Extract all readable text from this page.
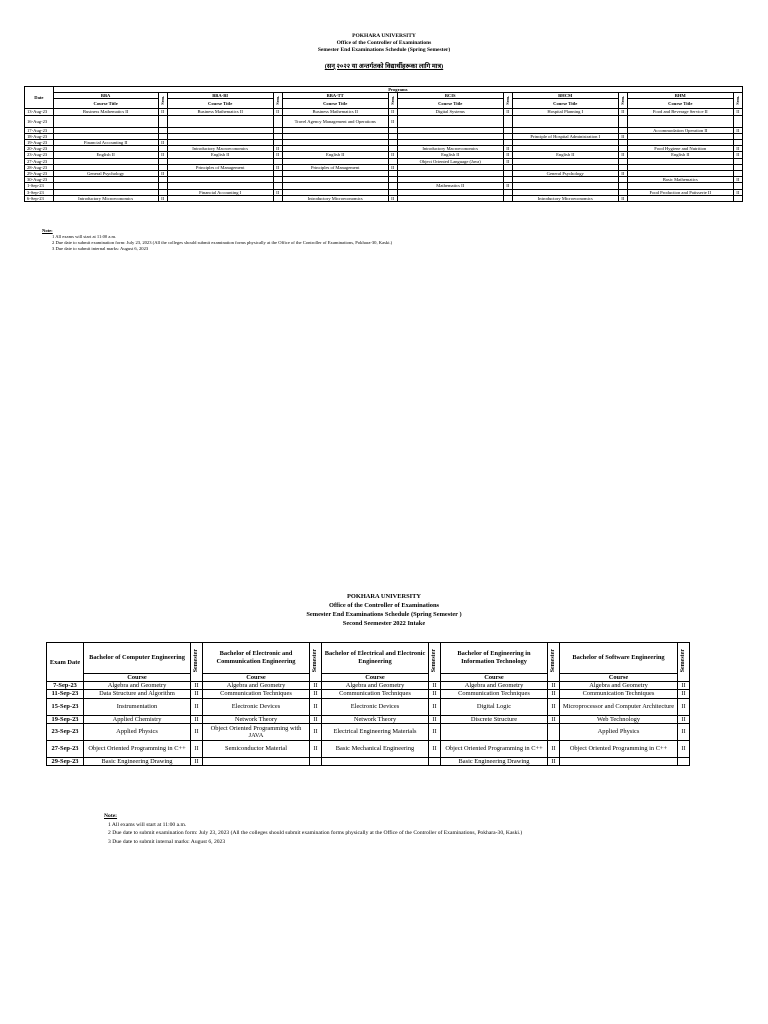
POKHARA UNIVERSITY
Office of the Controller of Examinations
Semester End Examinations Schedule (Spring Semester)
(सन् २०२२ या अन्तर्गतको विद्यार्थीहरूका लागि मात्र)
Date	Programs											
	BBA	Sem.	BBA-BI	Sem.	BBA-TT	Sem.	BCIS	Sem.	BHCM	Sem.	BHM	Sem.
	Course Title		Course Title		Course Title		Course Title		Course Title		Course Title	
13-Aug-23	Business Mathematics II	II	Business Mathematics II	II	Business Mathematics II	II	Digital Systems	II	Hospital Planning I	II	Food and Beverage Service II	II
16-Aug-23					Travel Agency Management and Operations	II						
17-Aug-23											Accommodation Operation II	II
18-Aug-23									Principle of Hospital Administration I	II		
19-Aug-23	Financial Accounting II	II										
20-Aug-23			Introductory Macroeconomics	II			Introductory Macroeconomics	II			Food Hygiene and Nutrition	II
23-Aug-23	English II	II	English II	II	English II	II	English II	II	English II	II	English II	II
27-Aug-23							Object Oriented Language (Java)	II				
28-Aug-23			Principles of Management	II	Principles of Management	II						
29-Aug-23	General Psychology	II							General Psychology	II		
30-Aug-23											Basic Mathematics	II
1-Sep-23							Mathematics II	II				
3-Sep-23			Financial Accounting I	II							Food Production and Patisserie II	II
6-Sep-23	Introductory Microeconomics	II			Introductory Microeconomics	II			Introductory Microeconomics	II		
Note:
1 All exams will start at 11:00 a.m.
2 Due date to submit examination form: July 23, 2023 (All the colleges should submit examination forms physically at the Office of the Controller of Examinations, Pokhara-30, Kaski.)
3 Due date to submit internal marks: August 6, 2023
POKHARA UNIVERSITY
Office of the Controller of Examinations
Semester End Examinations Schedule (Spring Semester )
Second Seemester 2022 Intake
Exam Date	Bachelor of Computer Engineering	Semester	Bachelor of Electronic and Communication Engineering	Semester	Bachelor of Electrical and Electronic Engineering	Semester	Bachelor of Engineering in Information Technology	Semester	Bachelor of Software Engineering	Semester
	Course		Course		Course		Course		Course	
7-Sep-23	Algebra and Geometry	II	Algebra and Geometry	II	Algebra and Geometry	II	Algebra and Geometry	II	Algebra and Geometry	II
11-Sep-23	Data Structure and Algorithm	II	Communication Techniques	II	Communication Techniques	II	Communication Techniques	II	Communication Techniques	II
15-Sep-23	Instrumentation	II	Electronic Devices	II	Electronic Devices	II	Digital Logic	II	Microprocessor and Computer Architecture	II
19-Sep-23	Applied Chemistry	II	Network Theory	II	Network Theory	II	Discrete Structure	II	Web Technology	II
23-Sep-23	Applied Physics	II	Object Oriented Programming with JAVA	II	Electrical Engineering Materials	II			Applied Physics	II
27-Sep-23	Object Oriented Programming in C++	II	Semiconductor Material	II	Basic Mechanical Engineering	II	Object Oriented Programming in C++	II	Object Oriented Programming in C++	II
29-Sep-23	Basic Engineering Drawing	II					Basic Engineering Drawing	II		
Note:
1 All exams will start at 11:00 a.m.
2 Due date to submit examination form: July 23, 2023 (All the colleges should submit examination forms physically at the Office of the Controller of Examinations, Pokhara-30, Kaski.)
3 Due date to submit internal marks: August 6, 2023
